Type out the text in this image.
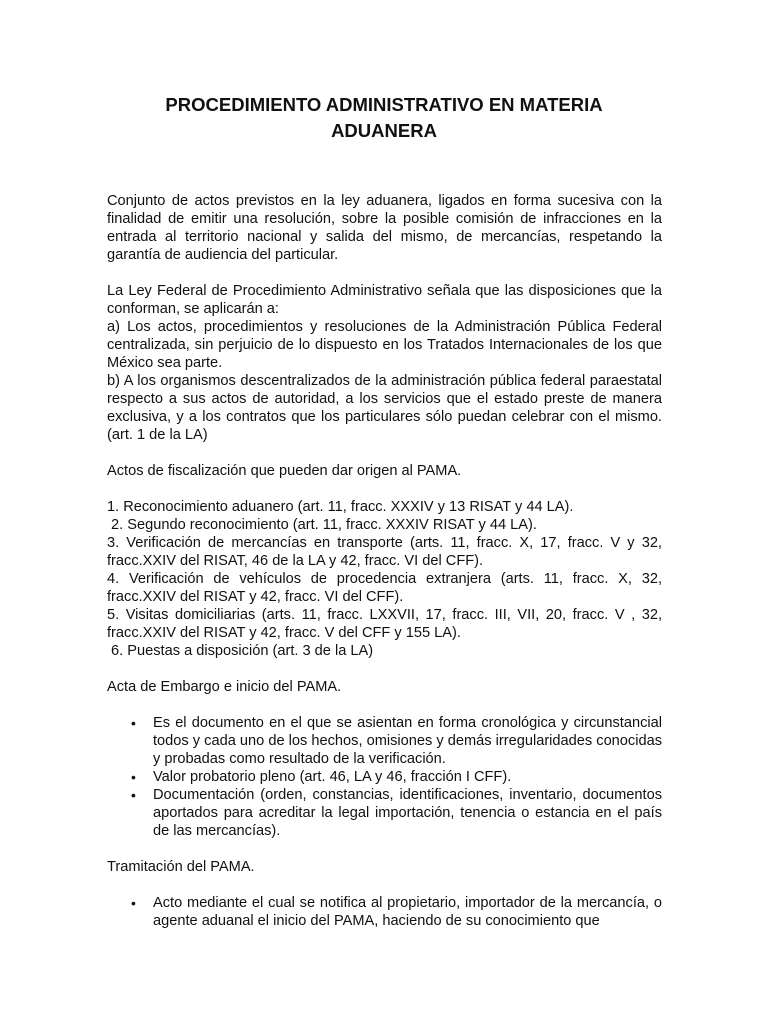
PROCEDIMIENTO ADMINISTRATIVO EN MATERIA
ADUANERA

Conjunto de actos previstos en la ley aduanera, ligados en forma sucesiva con la finalidad de emitir una resolución, sobre la posible comisión de infracciones en la entrada al territorio nacional y salida del mismo, de mercancías, respetando la garantía de audiencia del particular.

La Ley Federal de Procedimiento Administrativo señala que las disposiciones que la conforman, se aplicarán a:

a) Los actos, procedimientos y resoluciones de la Administración Pública Federal centralizada, sin perjuicio de lo dispuesto en los Tratados Internacionales de los que México sea parte.

b) A los organismos descentralizados de la administración pública federal paraestatal respecto a sus actos de autoridad, a los servicios que el estado preste de manera exclusiva, y a los contratos que los particulares sólo puedan celebrar con el mismo. (art. 1 de la LA)

Actos de fiscalización que pueden dar origen al PAMA.

1. Reconocimiento aduanero (art. 11, fracc. XXXIV y 13 RISAT y 44 LA).

2. Segundo reconocimiento (art. 11, fracc. XXXIV RISAT y 44 LA).

3. Verificación de mercancías en transporte (arts. 11, fracc. X, 17, fracc. V y 32, fracc.XXIV del RISAT, 46 de la LA y 42, fracc. VI del CFF).

4. Verificación de vehículos de procedencia extranjera (arts. 11, fracc. X, 32, fracc.XXIV del RISAT y 42, fracc. VI del CFF).

5. Visitas domiciliarias (arts. 11, fracc. LXXVII, 17, fracc. III, VII, 20, fracc. V , 32, fracc.XXIV del RISAT y 42, fracc. V del CFF y 155 LA).

6. Puestas a disposición (art. 3 de la LA)

Acta de Embargo e inicio del PAMA.

• Es el documento en el que se asientan en forma cronológica y circunstancial todos y cada uno de los hechos, omisiones y demás irregularidades conocidas y probadas como resultado de la verificación.
• Valor probatorio pleno (art. 46, LA y 46, fracción I CFF).
• Documentación (orden, constancias, identificaciones, inventario, documentos aportados para acreditar la legal importación, tenencia o estancia en el país de las mercancías).

Tramitación del PAMA.

• Acto mediante el cual se notifica al propietario, importador de la mercancía, o agente aduanal el inicio del PAMA, haciendo de su conocimiento que
